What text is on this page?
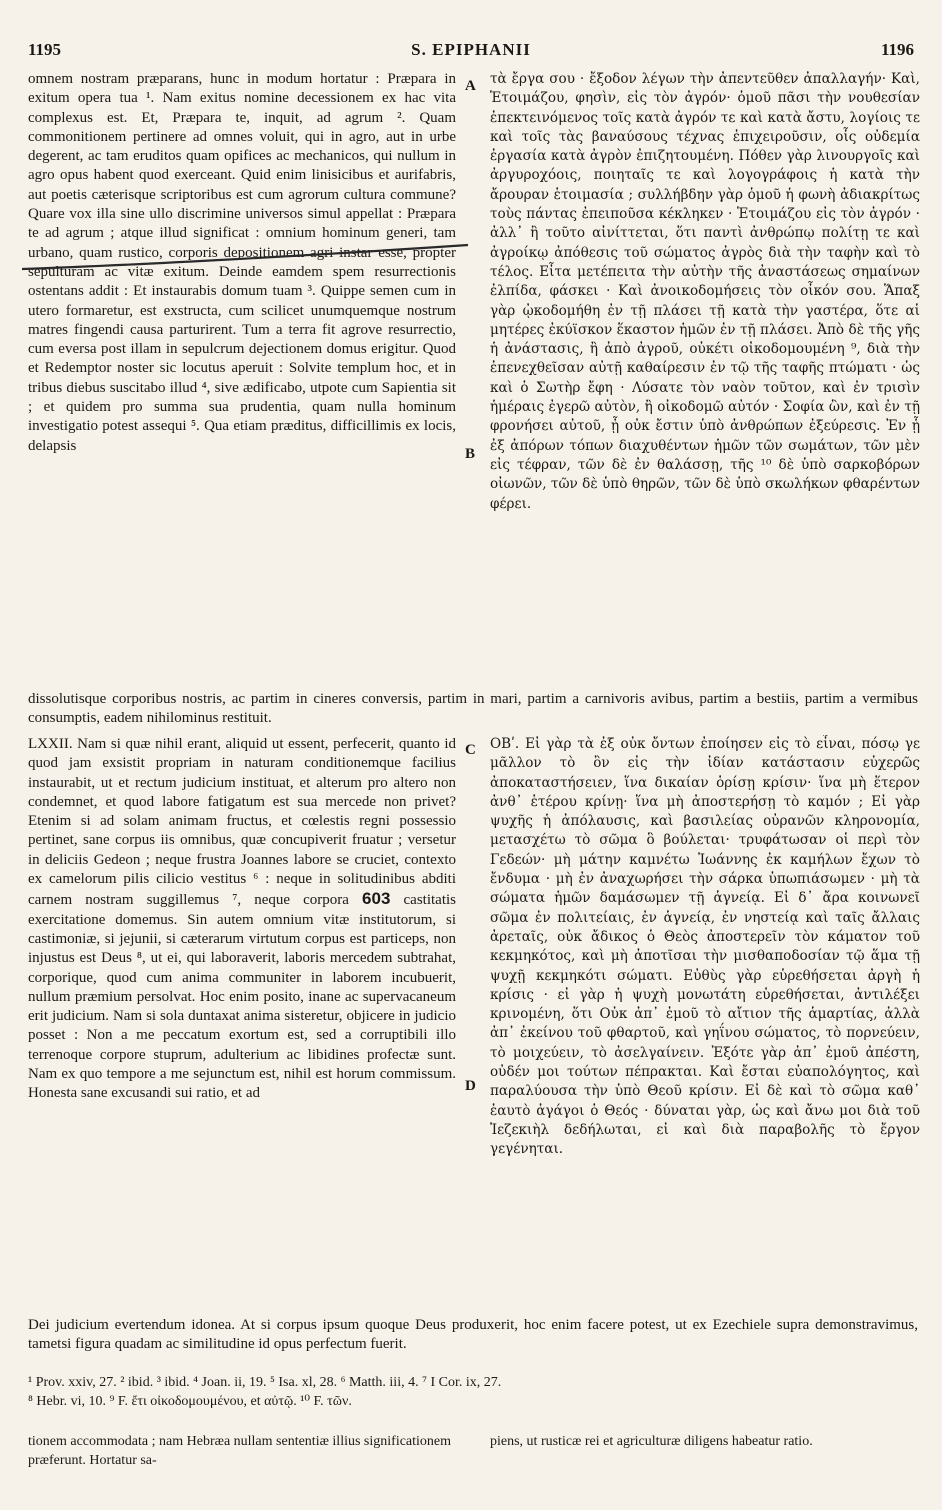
1195	S. EPIPHANII	1196

omnem nostram præparans, hunc in modum hortatur : Præpara in exitum opera tua ¹. Nam exitus nomine decessionem ex hac vita complexus est. Et, Præpara te, inquit, ad agrum ². Quam commonitionem pertinere ad omnes voluit, qui in agro, aut in urbe degerent, ac tam eruditos quam opifices ac mechanicos, qui nullum in agro opus habent quod exerceant. Quid enim linisicibus et aurifabris, aut poetis cæterisque scriptoribus est cum agrorum cultura commune? Quare vox illa sine ullo discrimine universos simul appellat : Præpara te ad agrum ; atque illud significat : omnium hominum generi, tam urbano, quam rustico, corporis depositionem agri instar esse, propter sepulturam ac vitæ exitum. Deinde eamdem spem resurrectionis ostentans addit : Et instaurabis domum tuam ³. Quippe semen cum in utero formaretur, est exstructa, cum scilicet unumquemque nostrum matres fingendi causa parturirent. Tum a terra fit agrove resurrectio, cum eversa post illam in sepulcrum dejectionem domus erigitur. Quod et Redemptor noster sic locutus aperuit : Solvite templum hoc, et in tribus diebus suscitabo illud ⁴, sive ædificabo, utpote cum Sapientia sit ; et quidem pro summa sua prudentia, quam nulla hominum investigatio potest assequi ⁵. Qua etiam præditus, difficillimis ex locis, delapsis

τὰ ἔργα σου · ἔξοδον λέγων τὴν ἀπεντεῦθεν ἀπαλλαγήν· Καὶ, Ἑτοιμάζου, φησὶν, εἰς τὸν ἀγρόν· ὁμοῦ πᾶσι τὴν νουθεσίαν ἐπεκτεινόμενος τοῖς κατὰ ἀγρόν τε καὶ κατὰ ἄστυ, λογίοις τε καὶ τοῖς τὰς βαναύσους τέχνας ἐπιχειροῦσιν, οἷς οὐδεμία ἐργασία κατὰ ἀγρὸν ἐπιζητουμένη. Πόθεν γὰρ λινουργοῖς καὶ ἀργυροχόοις, ποιηταῖς τε καὶ λογογράφοις ἡ κατὰ τὴν ἄρουραν ἑτοιμασία ; συλλήβδην γὰρ ὁμοῦ ἡ φωνὴ ἀδιακρίτως τοὺς πάντας ἐπειποῦσα κέκληκεν · Ἑτοιμάζου εἰς τὸν ἀγρόν · ἀλλ᾽ ἢ τοῦτο αἰνίττεται, ὅτι παντὶ ἀνθρώπῳ πολίτῃ τε καὶ ἀγροίκῳ ἀπόθεσις τοῦ σώματος ἀγρὸς διὰ τὴν ταφὴν καὶ τὸ τέλος. Εἶτα μετέπειτα τὴν αὐτὴν τῆς ἀναστάσεως σημαίνων ἐλπίδα, φάσκει · Καὶ ἀνοικοδομήσεις τὸν οἶκόν σου. Ἅπαξ γὰρ ᾠκοδομήθη ἐν τῇ πλάσει τῇ κατὰ τὴν γαστέρα, ὅτε αἱ μητέρες ἐκύϊσκον ἕκαστον ἡμῶν ἐν τῇ πλάσει. Ἀπὸ δὲ τῆς γῆς ἡ ἀνάστασις, ἢ ἀπὸ ἀγροῦ, οὐκέτι οἰκοδομουμένη ⁹, διὰ τὴν ἐπενεχθεῖσαν αὐτῇ καθαίρεσιν ἐν τῷ τῆς ταφῆς πτώματι · ὡς καὶ ὁ Σωτὴρ ἔφη · Λύσατε τὸν ναὸν τοῦτον, καὶ ἐν τρισὶν ἡμέραις ἐγερῶ αὐτὸν, ἢ οἰκοδομῶ αὐτόν · Σοφία ὢν, καὶ ἐν τῇ φρονήσει αὐτοῦ, ᾗ οὐκ ἔστιν ὑπὸ ἀνθρώπων ἐξεύρεσις. Ἐν ᾗ ἐξ ἀπόρων τόπων διαχυθέντων ἡμῶν τῶν σωμάτων, τῶν μὲν εἰς τέφραν, τῶν δὲ ἐν θαλάσσῃ, τῆς ¹⁰ δὲ ὑπὸ σαρκοβόρων οἰωνῶν, τῶν δὲ ὑπὸ θηρῶν, τῶν δὲ ὑπὸ σκωλήκων φθαρέντων φέρει.

A
B
dissolutisque corporibus nostris, ac partim in cineres conversis, partim in mari, partim a carnivoris avibus, partim a bestiis, partim a vermibus consumptis, eadem nihilominus restituit.

LXXII. Nam si quæ nihil erant, aliquid ut essent, perfecerit, quanto id quod jam exsistit propriam in naturam conditionemque facilius instaurabit, ut et rectum judicium instituat, et alterum pro altero non condemnet, et quod labore fatigatum est sua mercede non privet? Etenim si ad solam animam fructus, et cœlestis regni possessio pertinet, sane corpus iis omnibus, quæ concupiverit fruatur ; versetur in deliciis Gedeon ; neque frustra Joannes labore se cruciet, contexto ex camelorum pilis cilicio vestitus ⁶ : neque in solitudinibus abditi carnem nostram suggillemus ⁷, neque corpora 603 castitatis exercitatione domemus. Sin autem omnium vitæ institutorum, si castimoniæ, si jejunii, si cæterarum virtutum corpus est particeps, non injustus est Deus ⁸, ut ei, qui laboraverit, laboris mercedem subtrahat, corporique, quod cum anima communiter in laborem incubuerit, nullum præmium persolvat. Hoc enim posito, inane ac supervacaneum erit judicium. Nam si sola duntaxat anima sisteretur, objicere in judicio posset : Non a me peccatum exortum est, sed a corruptibili illo terrenoque corpore stuprum, adulterium ac libidines profectæ sunt. Nam ex quo tempore a me sejunctum est, nihil est horum commissum. Honesta sane excusandi sui ratio, et ad

ΟΒʹ. Εἰ γὰρ τὰ ἐξ οὐκ ὄντων ἐποίησεν εἰς τὸ εἶναι, πόσῳ γε μᾶλλον τὸ ὂν εἰς τὴν ἰδίαν κατάστασιν εὐχερῶς ἀποκαταστήσειεν, ἵνα δικαίαν ὁρίσῃ κρίσιν· ἵνα μὴ ἕτερον ἀνθ᾽ ἑτέρου κρίνῃ· ἵνα μὴ ἀποστερήσῃ τὸ καμόν ; Εἰ γὰρ ψυχῆς ἡ ἀπόλαυσις, καὶ βασιλείας οὐρανῶν κληρονομία, μετασχέτω τὸ σῶμα ὃ βούλεται· τρυφάτωσαν οἱ περὶ τὸν Γεδεών· μὴ μάτην καμνέτω Ἰωάννης ἐκ καμήλων ἔχων τὸ ἔνδυμα · μὴ ἐν ἀναχωρήσει τὴν σάρκα ὑπωπιάσωμεν · μὴ τὰ σώματα ἡμῶν δαμάσωμεν τῇ ἁγνείᾳ. Εἰ δ᾽ ἄρα κοινωνεῖ σῶμα ἐν πολιτείαις, ἐν ἁγνείᾳ, ἐν νηστείᾳ καὶ ταῖς ἄλλαις ἀρεταῖς, οὐκ ἄδικος ὁ Θεὸς ἀποστερεῖν τὸν κάματον τοῦ κεκμηκότος, καὶ μὴ ἀποτῖσαι τὴν μισθαποδοσίαν τῷ ἅμα τῇ ψυχῇ κεκμηκότι σώματι. Εὐθὺς γὰρ εὑρεθήσεται ἀργὴ ἡ κρίσις · εἰ γὰρ ἡ ψυχὴ μονωτάτη εὑρεθήσεται, ἀντιλέξει κρινομένη, ὅτι Οὐκ ἀπ᾽ ἐμοῦ τὸ αἴτιον τῆς ἁμαρτίας, ἀλλὰ ἀπ᾽ ἐκείνου τοῦ φθαρτοῦ, καὶ γηΐνου σώματος, τὸ πορνεύειν, τὸ μοιχεύειν, τὸ ἀσελγαίνειν. Ἐξότε γὰρ ἀπ᾽ ἐμοῦ ἀπέστη, οὐδέν μοι τούτων πέπρακται. Καὶ ἔσται εὐαπολόγητος, καὶ παραλύουσα τὴν ὑπὸ Θεοῦ κρίσιν. Εἰ δὲ καὶ τὸ σῶμα καθ᾽ ἑαυτὸ ἀγάγοι ὁ Θεός · δύναται γὰρ, ὡς καὶ ἄνω μοι διὰ τοῦ Ἰεζεκιὴλ δεδήλωται, εἰ καὶ διὰ παραβολῆς τὸ ἔργον γεγένηται.

C
D
Dei judicium evertendum idonea. At si corpus ipsum quoque Deus produxerit, hoc enim facere potest, ut ex Ezechiele supra demonstravimus, tametsi figura quadam ac similitudine id opus perfectum fuerit.

¹ Prov. xxiv, 27. ² ibid. ³ ibid. ⁴ Joan. ii, 19. ⁵ Isa. xl, 28. ⁶ Matth. iii, 4. ⁷ I Cor. ix, 27.

⁸ Hebr. vi, 10. ⁹ F. ἔτι οἰκοδομουμένου, et αὐτῷ. ¹⁰ F. τῶν.

tionem accommodata ; nam Hebræa nullam sententiæ illius significationem præferunt. Hortatur sa-
piens, ut rusticæ rei et agriculturæ diligens habeatur ratio.
